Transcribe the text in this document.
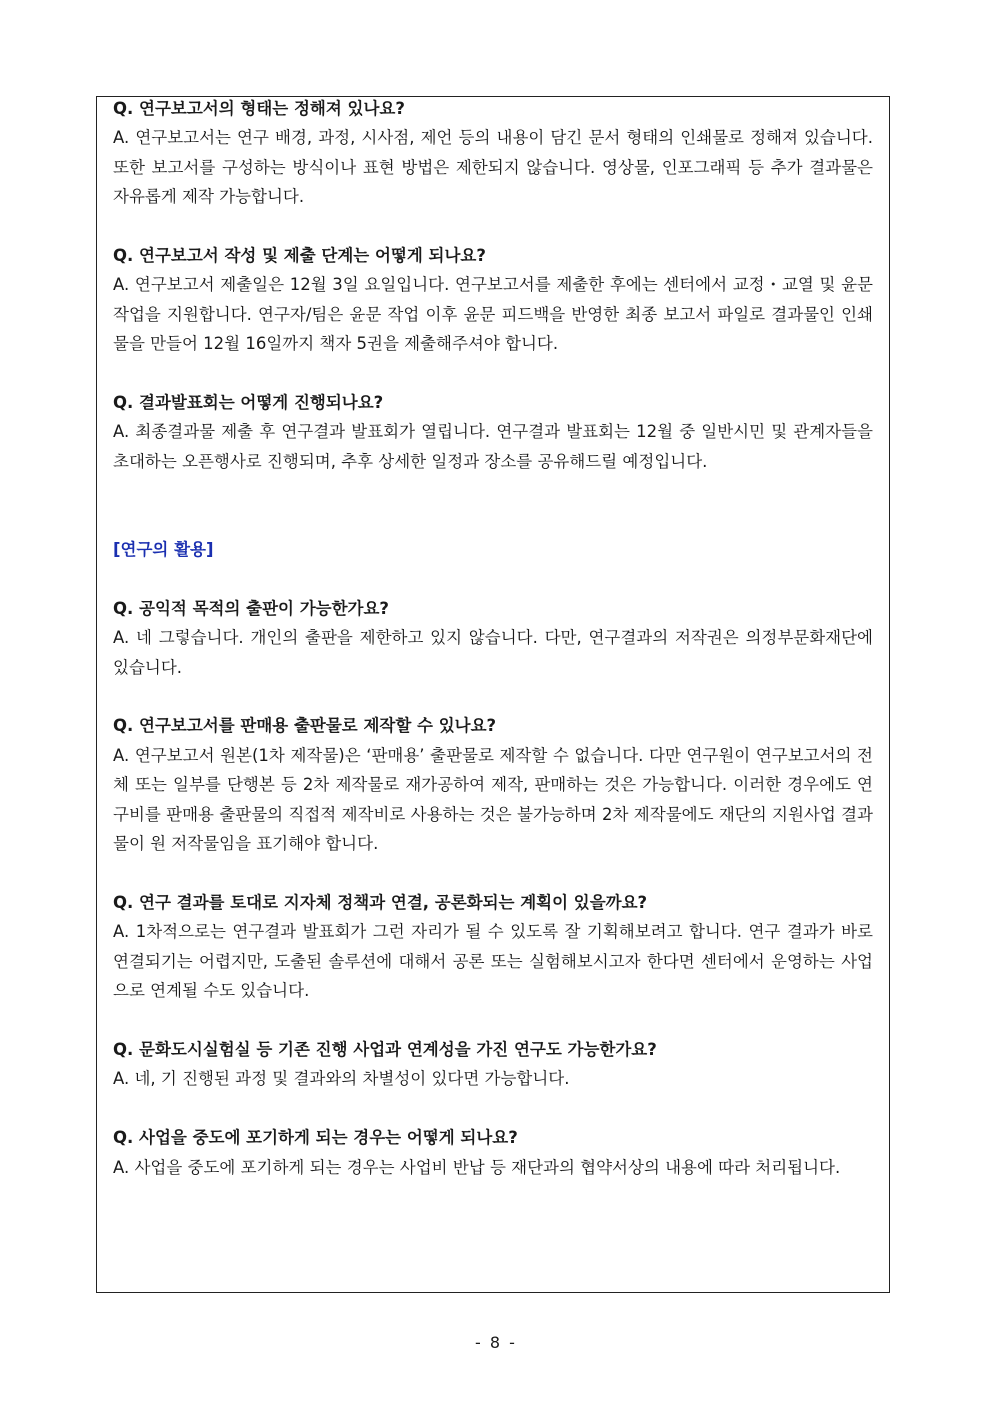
Q. 연구보고서의 형태는 정해져 있나요?

A. 연구보고서는 연구 배경, 과정, 시사점, 제언 등의 내용이 담긴 문서 형태의 인쇄물로 정해져 있습니다. 또한 보고서를 구성하는 방식이나 표현 방법은 제한되지 않습니다. 영상물, 인포그래픽 등 추가 결과물은 자유롭게 제작 가능합니다.

Q. 연구보고서 작성 및 제출 단계는 어떻게 되나요?

A. 연구보고서 제출일은 12월 3일 요일입니다. 연구보고서를 제출한 후에는 센터에서 교정・교열 및 윤문 작업을 지원합니다. 연구자/팀은 윤문 작업 이후 윤문 피드백을 반영한 최종 보고서 파일로 결과물인 인쇄물을 만들어 12월 16일까지 책자 5권을 제출해주셔야 합니다.

Q. 결과발표회는 어떻게 진행되나요?

A. 최종결과물 제출 후 연구결과 발표회가 열립니다. 연구결과 발표회는 12월 중 일반시민 및 관계자들을 초대하는 오픈행사로 진행되며, 추후 상세한 일정과 장소를 공유해드릴 예정입니다.

[연구의 활용]

Q. 공익적 목적의 출판이 가능한가요?

A. 네 그렇습니다. 개인의 출판을 제한하고 있지 않습니다. 다만, 연구결과의 저작권은 의정부문화재단에 있습니다.

Q. 연구보고서를 판매용 출판물로 제작할 수 있나요?

A. 연구보고서 원본(1차 제작물)은 ‘판매용’ 출판물로 제작할 수 없습니다. 다만 연구원이 연구보고서의 전체 또는 일부를 단행본 등 2차 제작물로 재가공하여 제작, 판매하는 것은 가능합니다. 이러한 경우에도 연구비를 판매용 출판물의 직접적 제작비로 사용하는 것은 불가능하며 2차 제작물에도 재단의 지원사업 결과물이 원 저작물임을 표기해야 합니다.

Q. 연구 결과를 토대로 지자체 정책과 연결, 공론화되는 계획이 있을까요?

A. 1차적으로는 연구결과 발표회가 그런 자리가 될 수 있도록 잘 기획해보려고 합니다. 연구 결과가 바로 연결되기는 어렵지만, 도출된 솔루션에 대해서 공론 또는 실험해보시고자 한다면 센터에서 운영하는 사업으로 연계될 수도 있습니다.

Q. 문화도시실험실 등 기존 진행 사업과 연계성을 가진 연구도 가능한가요?

A. 네, 기 진행된 과정 및 결과와의 차별성이 있다면 가능합니다.

Q. 사업을 중도에 포기하게 되는 경우는 어떻게 되나요?

A. 사업을 중도에 포기하게 되는 경우는 사업비 반납 등 재단과의 협약서상의 내용에 따라 처리됩니다.

- 8 -
